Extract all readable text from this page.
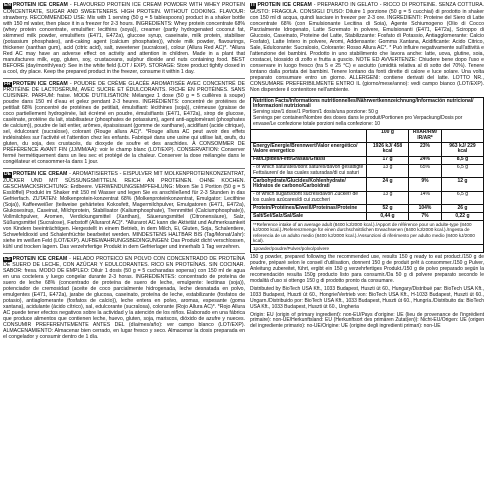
EN PROTEIN ICE CREAM - FLAVOURED PROTEIN ICE CREAM POWDER WITH WHEY PROTEIN CONCENTRATE, SUGAR AND SWEETENERS. HIGH PROTEIN. WITHOUT COOKING. FLAVOUR: strawberry. RECOMMENDED USE: Mix with 1 serving (50 g = 5 tablespoons) product in a shaker bottle with 150 ml water, then place it in a freezer for 2-3 hours. INGREDIENTS: Whey protein concentrate 68% (whey protein concentrate, emulsifier: lecithins (soya)), creamer (partly hydrogenated coconut fat, skimmed milk powder, emulsifiers (E471, E472a), glucose syrup, caseinate, milk protein, stabiliser (potassium phosphates), anti-caking agent (calcium phosphates)), whole milk powder, flavourings, thickener (xanthan gum), acid (citric acid), salt, sweetener (sucralose), colour (Allura Red AC)*. *Allura Red AC may have an adverse effect on activity and attention in children. Made in a plant that manufactures milk, egg, gluten, soy, crustaceans, sulphur dioxide and nuts containing food. BEST BEFORE (day/month/year): See in the white field (LOT / EXP). STORAGE: Store product tightly closed in a cool, dry place. Keep the prepared product in the freezer, consume it within 1 day.
FR PROTEIN ICE CREAM - POUDRE DE CRÈME GLACÉE AROMATISÉE AVEC CONCENTRÉ DE PROTÉINE DE LACTOSÉRUM, AVEC SUCRE ET ÉDULCORANTS. RICHE EN PROTÉINES. SANS CUISINER. PARFUM: fraise. MODE D'UTILISATION: Mélangez 1 dose (50 g = 5 cuillères à soupe) poudre dans 150 ml d'eau et gelez pendant 2-3 heures. INGRÉDIENTS: concentré de protéines de petitlait 68% (concentré de protéines de petitlait, émulsifiant: lécithines (soja)), crémeuse (graisse de coco partiellement hydrogénée, lait écrémé en poudre, émulsifiants (E471, E472a), sirop de glucose, caséinate, protéine du lait, stabilisateur (phosphates de potassium), agent anti-agglomérant (phosphates de calcium)), poudre de lait entier, arômes, épaississant (gomme de xanthane), acidifiant (acide citrique), sel, édulcorant (sucralose), colorant (Rouge allura AC)*. *Rouge allura AC peut avoir des effets indésirables sur l'activité et l'attention chez les enfants. Fabriqué dans une usine qui utilise lait, œufs, du gluten, du soja, des crustacés, du dioxyde de soufre et des arachides. À CONSOMMER DE PRÉFÉRENCE AVANT FIN (JJ/MM/AA): voir le champ blanc (LOT/EXP). CONSERVATION: Conserver fermé hermétiquement dans un lieu sec et protégé de la chaleur. Conserver la dose mélangée dans le congélateur et consommer-la dans 1 jour.
DE PROTEIN ICE CREAM - AROMATISIERTES - EISPULVER MIT MOLKENPROTEINKONZENTRAT, ZUCKER UND MIT SÜSSUNGSMITTELN. REICH AN PROTEINEN. OHNE KOCHEN. GESCHMACKSRICHTUNG: Erdbeere. VERWENDUNGSEMPFEHLUNG: Mixen Sie 1 Portion (50 g = 5 Esslöffel) Produkt im Shaker mit 150 ml Wasser und legen Sie es anschließend für 2-3 Stunden in das Gefrierfach. ZUTATEN: Molkenprotein-konzentrat 68% (Molkenproteinkonzentrat, Emulgator: Lecithine (Soja)), Kaffeeweißer (teilweise gehärtetes Kokosfett, Magermilchpulver, Emulgatoren (E471, E472a), Glukosesirup, Caseinat, Milchprotein, Stabilisator (Kaliumphosphate), Trennmittel (Calciumphosphate)), Vollmilchpulver, Aromen, Verdickungsmittel (Xanthan), Säuerungsmittel (Citronensäure), Salz, Süßungsmittel (Sucralose), Farbstoff (Allurarot AC)*. *Allurarot AC kann die Aktivität und Aufmerksamkeit von Kindern beeinträchtigen. Hergestellt in einem Betrieb, in dem Milch, Ei, Gluten, Soja, Schalentiere, Schwefeldioxid und Schalenfrüchte bearbeitet werden. MINDESTENS HALTBAR BIS (Tag/Monat/Jahr): siehe im weißen Feld (LOT/EXP). AUFBEWAHRUNGSBEDINGUNGEN: Das Produkt dicht verschlossen, kühl und trocken lagern. Das verzehrfertige Produkt in dem Gefrierlager und innerhalb 1 Tag verzehren.
ES PROTEIN ICE CREAM - HELADO PROTEICO EN POLVO CON CONCENTRADO DE PROTEÍNA DE SUERO DE LECHE, CON AZÚCAR Y EDULCORANTES. RICO EN PROTEÍNAS. SIN COCINAR. SABOR: fresa. MODO DE EMPLEO: Diluir 1 dosis (50 g = 5 cucharadas soperas) con 150 ml de agua en una coctelera y luego congelar durante 2-3 horas. INGREDIENTES: concentrado de proteína de suero de leche 68% (concentrado de proteína de suero de leche, emulgente: lecitinas (soja)), potenciador de cremosidad (aceite de coco parcialmente hidrogenada, leche desnatada en polvo, emulgentes (E471, E472a), jarabe de glucosa, caseinato, proteína de leche, estabilizante (fosfatos de potasio), antiaglomerante (fosfatos de calcio)), leche entera en polvo, aromas, espesante (goma xantana), acidulante (ácido cítrico), sal, edulcorante (sucralosa), colorante (Rojo Allura AC)*. *Rojo Allura AC puede tener efectos negativos sobre la actividad y la atención de los niños. Elaborado en una fábrica que produce alimentos que contienen leche, huevo, gluten, soja, mariscos, dióxido de azufre y nueces. CONSUMIR PREFERENTEMENTE ANTES DEL (día/mes/año): ver campo blanco (LOT/EXP). ALMACENAMIENTO: Almacenar bien cerrado, en lugar fresco y seco. Almacenar la dosis preparada en el congelador y consumir dentro de 1 día.
IT PROTEIN ICE CREAM - PREPARATO IN GELATO - RICCO DI PROTEINE. SENZA COTTURA. GUSTO: FRAGOLA. CONSIGLI D'USO: Diluire 1 porzione (50 g = 5 cucchiai) di prodotto in shaker con 150 ml di acqua, quindi lasciare in freezer per 2-3 ore. INGREDIENTI: Proteine del Siero di Latte concentrate 68% (con Emulsionante Lecitina di Soia), Agente Schiumogeno (Olio di Cocco Parzialmente Idrogenato, Latte Scremato in polvere, Emulsionanti (E471, E472a), Sciroppo di Glucosio, Caseinato, Proteine del Latte, Stabilizzante: Fosfato di Potassio, Antiagglomerante: Calcio Fosfato), Latte Intero in polvere, Aromi, Addensante: Gomma Xantana, Acidificante: Acido Citrico, Sale, Edulcorante: Sucralosio, Colorante: Rosso Allura AC*. * Può influire negativamente sull'attività e l'attenzione dei bambini. Prodotto in uno stabilimento che lavora anche: latte, uova, glutine, soia, crostacei, biossido di zolfo e frutta a guscio. NOTE ED AVVERTENZE: Chiudere bene dopo l'uso e conservare in luogo fresco (tra 5 e 25 °C) e asciutto (umidità relativa al di sotto del 70%). Tenere lontano dalla portata dei bambini. Tenere lontano da fonti dirette di calore e luce solare. Una volta preparato consumare entro un giorno. ALLERGENI: contiene derivati del latte. LOTTO NR., CONSUMARE PREFERIBILMENTE ENTRO IL (giorno/mese/anno): vedi campo bianco (LOT/EXP). Non disperdere il contenitore nell'ambiente.
Nutrition Facts/Informations nutritionnelles/Nährwertkennzeichnung/Información nutricional/ Informazioni nutrizionali
Serving size/1 dose/1 Portion/1 dosis/una porzione: 50 g
Servings per container/Nombre des doses dans le produit/Portionen pro Verpackung/Dosis por envase/Le confezione totale porzioni nella confezione: 10
	100 g	RI/AR/RM/ IR/AR*	
Energy/Energie/Brennwert/Valor energético/ Valore energetico	1926 kJ/ 458 kcal	23%	963 kJ/ 229 kcal
Fat/Lipides/Fett/Grasas/Grassi	17 g	24%	8,5 g
- of which saturates/dont saturés/davon gesättigte Fettsäuren/ de las cuales saturadas/di cui saturi	13 g	65%	6,5 g
Carbohydrate/Glucides/Kohlenhydrate/ Hidratos de carbono/Carboidrati	24 g	9%	12 g
- of which sugars/dont sucres/davon Zucker/ de los cuales azúcares/di cui zuccheri	13 g	14%	6,5 g
Protein/Protéines/Eiweiß/Proteínas/Proteine	52 g	104%	26 g
Salt/Sel/Salz/Sal/Sale	0,44 g	7%	0,22 g
**Reference intake of an average adult (8400 kJ/2000 kcal.)./Apport de référence pour un adulte-type (8400 kJ/2000 kcal.)./Referenzmenge für einen durchschnittlichen Erwachsenen (8400 kJ/2000 kcal.)./Ingesta de referencia de un adulto medio (8400 kJ/2000 kcal.)./Assunzioni di riferimento per adulto medio (8400 kJ/2000 kcal).
1powder/poudre/Pulver/polvo/polvere
150 g powder, prepared following the recommended use, results 150 g ready to eat product./150 g de poudre, préparé selon le conseil d'utilisation, donnent 150 g de produit prêt à consommer./150 g Pulver, Anleitung zubereitet, führt, ergibt ein 150 g verzehrfertiges Produkt./150 g de polvo preparado según la recomendación resulta 150g producto listo para consumir./Da 50 g di polvere preparato secondo le modalità d'uso si ottengo 150 g di prodotto pronto da consumare.
Distributed by BioTech USA Kft., 1033 Budapest, Huszti út 60., Hungary/Distribué par: BioTech USA Kft., 1033 Budapest, Huszti út 60., Hongrie/Vertrieb von: BioTech USA Kft., H-1033 Budapest, Huszti út 60., Ungarn./Distribuido por: BioTech USA Kft., 1033 Budapest, Huszti út 60., Hungría./Distribuito da: BioTech USA Kft., 1033 Budapest, Huszti út 60., Ungheria
Origin: EU (origin of primary ingredient): non-EU/Pays d'origine: UE (lieu de provenance de l'ingrédient primaire): non-UE/Herkunftsland: EU (Herkunftsort des primären Zutat(en)): Nicht-EU/Origen: UE (origen del ingrediente primario): no-UE/Origine: UE (origine degli ingredienti primari): non-UE
